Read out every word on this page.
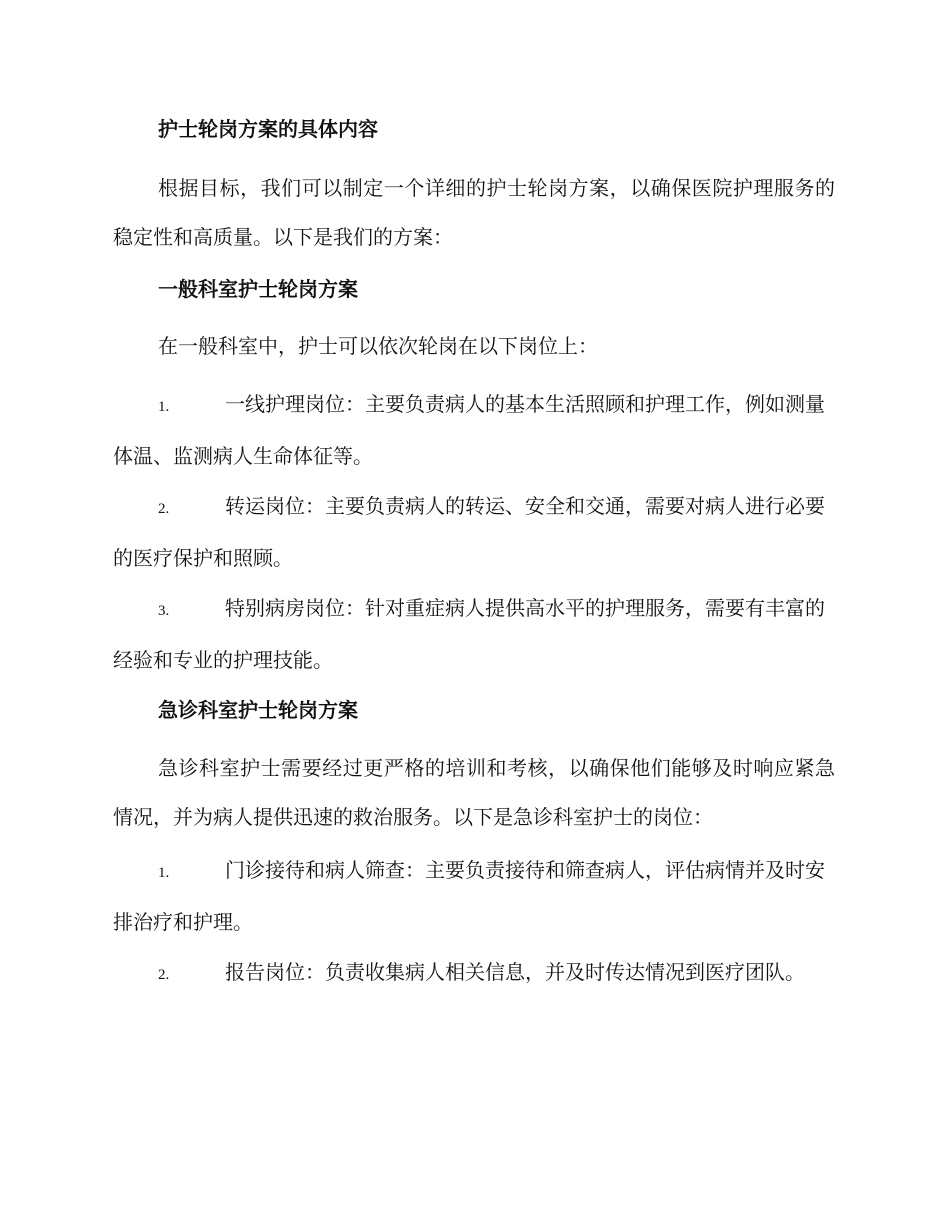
护士轮岗方案的具体内容
根据目标，我们可以制定一个详细的护士轮岗方案，以确保医院护理服务的稳定性和高质量。以下是我们的方案：
一般科室护士轮岗方案
在一般科室中，护士可以依次轮岗在以下岗位上：
1.	一线护理岗位：主要负责病人的基本生活照顾和护理工作，例如测量体温、监测病人生命体征等。
2.	转运岗位：主要负责病人的转运、安全和交通，需要对病人进行必要的医疗保护和照顾。
3.	特别病房岗位：针对重症病人提供高水平的护理服务，需要有丰富的经验和专业的护理技能。
急诊科室护士轮岗方案
急诊科室护士需要经过更严格的培训和考核，以确保他们能够及时响应紧急情况，并为病人提供迅速的救治服务。以下是急诊科室护士的岗位：
1.	门诊接待和病人筛查：主要负责接待和筛查病人，评估病情并及时安排治疗和护理。
2.	报告岗位：负责收集病人相关信息，并及时传达情况到医疗团队。
